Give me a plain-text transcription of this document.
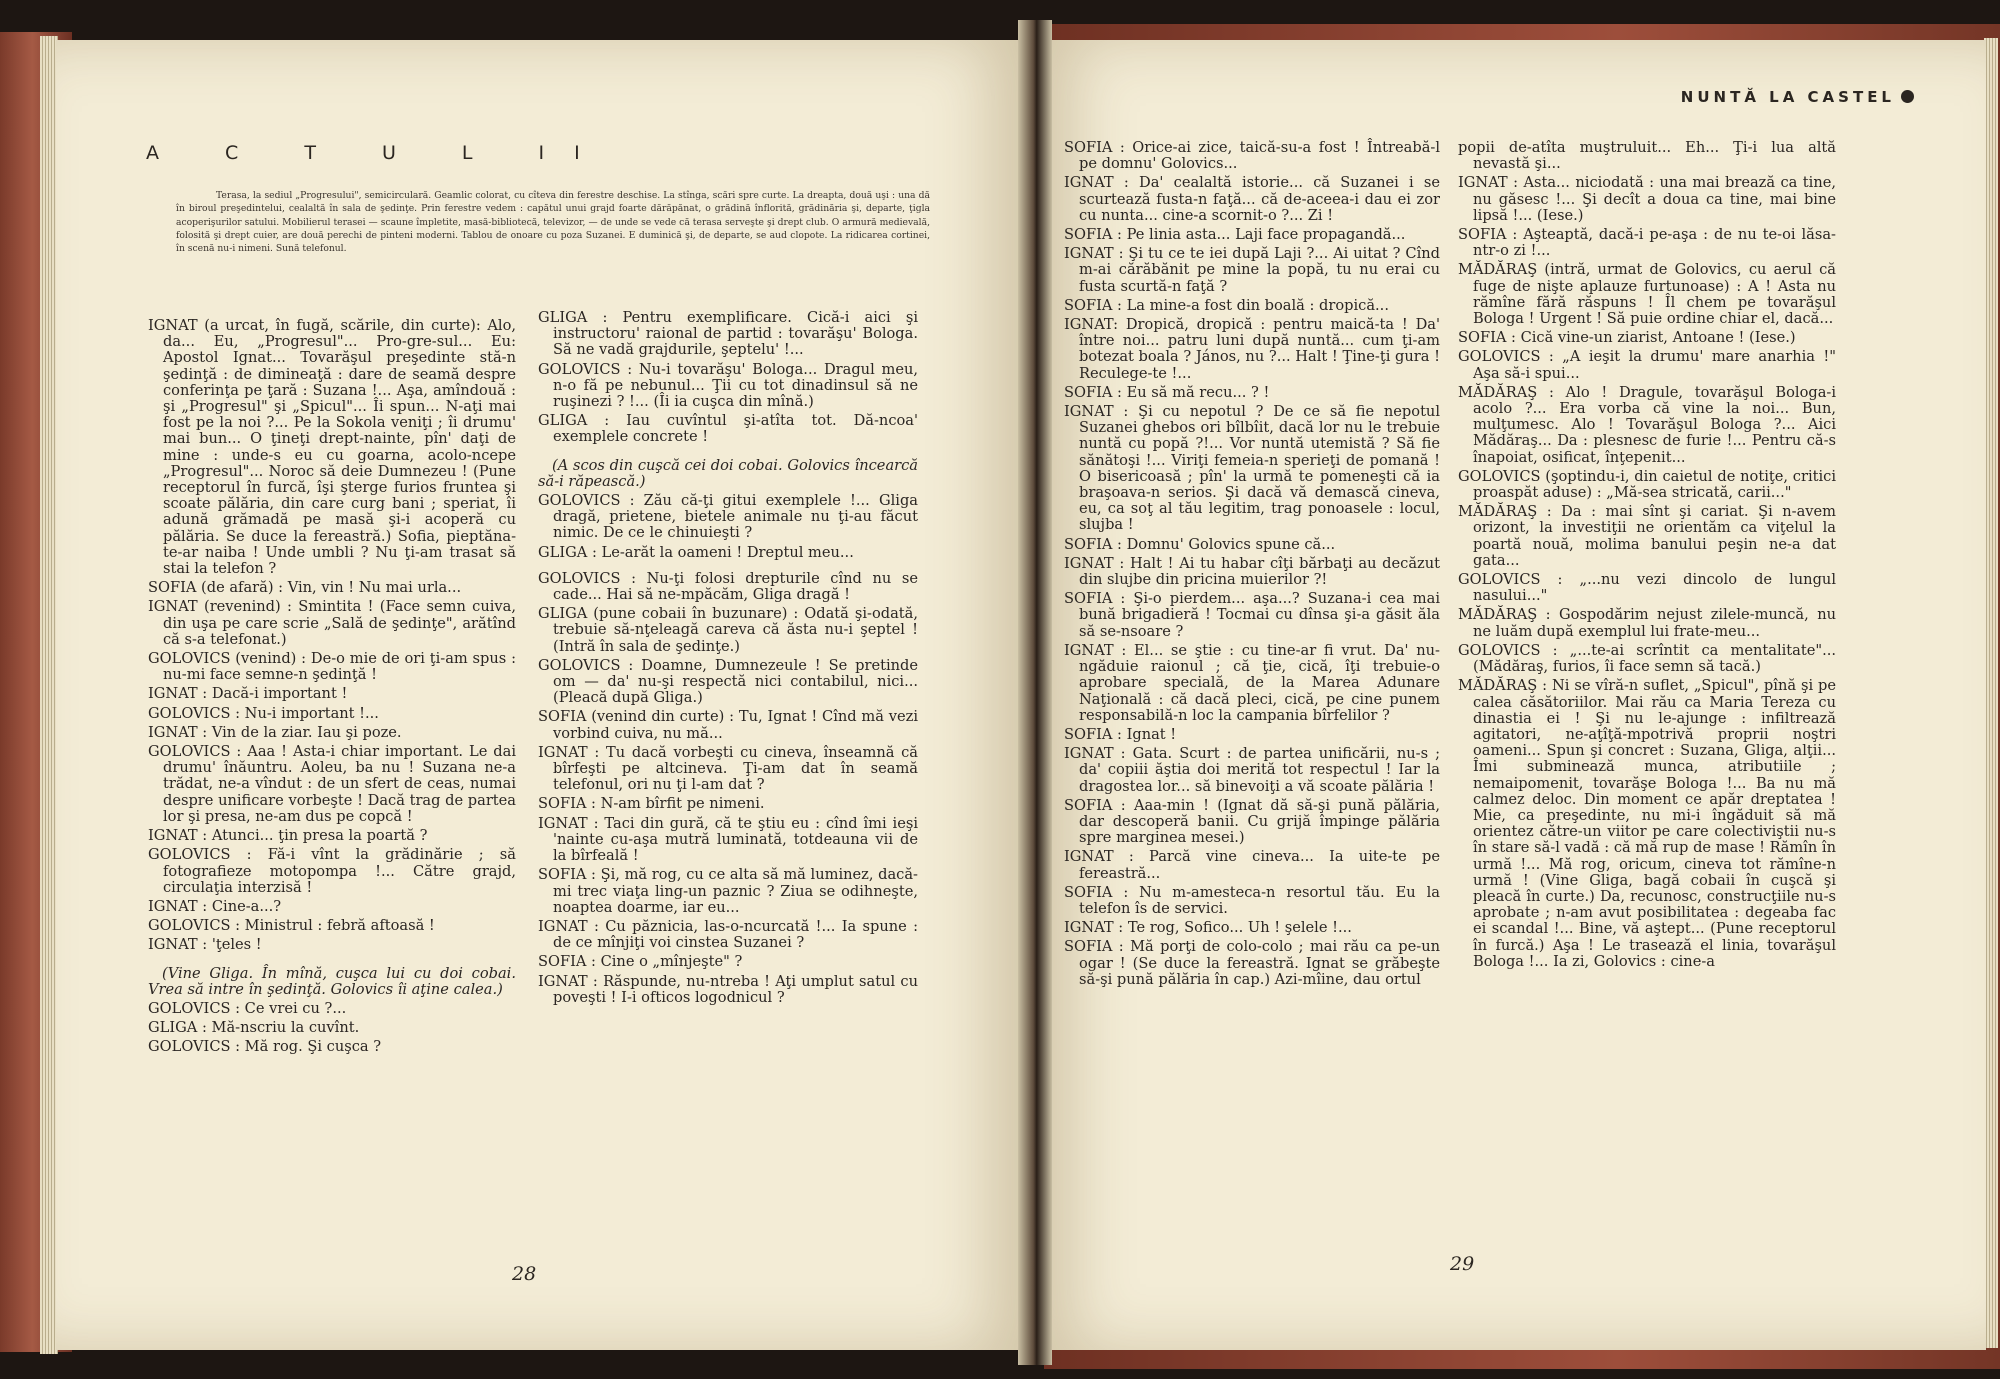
NUNTĂ LA CASTEL
A C T U L II
Terasa, la sediul „Progresului", semicirculară. Geamlic colorat, cu cîteva din ferestre deschise. La stînga, scări spre curte. La dreapta, două uşi : una dă în biroul preşedintelui, cealaltă în sala de şedinţe. Prin ferestre vedem : capătul unui grajd foarte dărăpănat, o grădină înflorită, grădinăria şi, departe, ţigla acoperişurilor satului. Mobilierul terasei — scaune împletite, masă-bibliotecă, televizor, — de unde se vede că terasa serveşte şi drept club. O armură medievală, folosită şi drept cuier, are două perechi de pinteni moderni. Tablou de onoare cu poza Suzanei. E duminică şi, de departe, se aud clopote. La ridicarea cortinei, în scenă nu-i nimeni. Sună telefonul.

IGNAT (a urcat, în fugă, scările, din curte): Alo, da... Eu, „Progresul"... Pro-gre-sul... Eu: Apostol Ignat... Tovarăşul preşedinte stă-n şedinţă : de dimineaţă : dare de seamă despre conferinţa pe ţară : Suzana !... Aşa, amîndouă : şi „Progresul" şi „Spicul"... Îi spun... N-aţi mai fost pe la noi ?... Pe la Sokola veniţi ; îi drumu' mai bun... O ţineţi drept-nainte, pîn' daţi de mine : unde-s eu cu goarna, acolo-ncepe „Progresul"... Noroc să deie Dumnezeu ! (Pune receptorul în furcă, îşi şterge furios fruntea şi scoate pălăria, din care curg bani ; speriat, îi adună grămadă pe masă şi-i acoperă cu pălăria. Se duce la fereastră.) Sofia, pieptăna-te-ar naiba ! Unde umbli ? Nu ţi-am trasat să stai la telefon ?

SOFIA (de afară) : Vin, vin ! Nu mai urla...

IGNAT (revenind) : Smintita ! (Face semn cuiva, din uşa pe care scrie „Sală de şedinţe", arătînd că s-a telefonat.)

GOLOVICS (venind) : De-o mie de ori ţi-am spus : nu-mi face semne-n şedinţă !

IGNAT : Dacă-i important !

GOLOVICS : Nu-i important !...

IGNAT : Vin de la ziar. Iau şi poze.

GOLOVICS : Aaa ! Asta-i chiar important. Le dai drumu' înăuntru. Aoleu, ba nu ! Suzana ne-a trădat, ne-a vîndut : de un sfert de ceas, numai despre unificare vorbeşte ! Dacă trag de partea lor şi presa, ne-am dus pe copcă !

IGNAT : Atunci... ţin presa la poartă ?

GOLOVICS : Fă-i vînt la grădinărie ; să fotografieze motopompa !... Către grajd, circulaţia interzisă !

IGNAT : Cine-a...?

GOLOVICS : Ministrul : febră aftoasă !

IGNAT : 'ţeles !

(Vine Gliga. În mînă, cuşca lui cu doi cobai. Vrea să intre în şedinţă. Golovics îi aţine calea.)

GOLOVICS : Ce vrei cu ?...

GLIGA : Mă-nscriu la cuvînt.

GOLOVICS : Mă rog. Şi cuşca ?

GLIGA : Pentru exemplificare. Cică-i aici şi instructoru' raional de partid : tovarăşu' Bologa. Să ne vadă grajdurile, şeptelu' !...

GOLOVICS : Nu-i tovarăşu' Bologa... Dragul meu, n-o fă pe nebunul... Ţii cu tot dinadinsul să ne ruşinezi ? !... (Îi ia cuşca din mînă.)

GLIGA : Iau cuvîntul şi-atîta tot. Dă-ncoa' exemplele concrete !

(A scos din cuşcă cei doi cobai. Golovics încearcă să-i răpească.)

GOLOVICS : Zău că-ţi gitui exemplele !... Gliga dragă, prietene, bietele animale nu ţi-au făcut nimic. De ce le chinuieşti ?

GLIGA : Le-arăt la oameni ! Dreptul meu...

GOLOVICS : Nu-ţi folosi drepturile cînd nu se cade... Hai să ne-mpăcăm, Gliga dragă !

GLIGA (pune cobaii în buzunare) : Odată şi-odată, trebuie să-nţeleagă careva că ăsta nu-i şeptel ! (Intră în sala de şedinţe.)

GOLOVICS : Doamne, Dumnezeule ! Se pretinde om — da' nu-şi respectă nici contabilul, nici... (Pleacă după Gliga.)

SOFIA (venind din curte) : Tu, Ignat ! Cînd mă vezi vorbind cuiva, nu mă...

IGNAT : Tu dacă vorbeşti cu cineva, înseamnă că bîrfeşti pe altcineva. Ţi-am dat în seamă telefonul, ori nu ţi l-am dat ?

SOFIA : N-am bîrfit pe nimeni.

IGNAT : Taci din gură, că te ştiu eu : cînd îmi ieşi 'nainte cu-aşa mutră luminată, totdeauna vii de la bîrfeală !

SOFIA : Şi, mă rog, cu ce alta să mă luminez, dacă-mi trec viaţa ling-un paznic ? Ziua se odihneşte, noaptea doarme, iar eu...

IGNAT : Cu păznicia, las-o-ncurcată !... Ia spune : de ce mînjiţi voi cinstea Suzanei ?

SOFIA : Cine o „mînjeşte" ?

IGNAT : Răspunde, nu-ntreba ! Aţi umplut satul cu poveşti ! I-i ofticos logodnicul ?

SOFIA : Orice-ai zice, taică-su-a fost ! Întreabă-l pe domnu' Golovics...

IGNAT : Da' cealaltă istorie... că Suzanei i se scurtează fusta-n faţă... că de-aceea-i dau ei zor cu nunta... cine-a scornit-o ?... Zi !

SOFIA : Pe linia asta... Laji face propagandă...

IGNAT : Şi tu ce te iei după Laji ?... Ai uitat ? Cînd m-ai cărăbănit pe mine la popă, tu nu erai cu fusta scurtă-n faţă ?

SOFIA : La mine-a fost din boală : dropică...

IGNAT: Dropică, dropică : pentru maică-ta ! Da' între noi... patru luni după nuntă... cum ţi-am botezat boala ? János, nu ?... Halt ! Ţine-ţi gura ! Reculege-te !...

SOFIA : Eu să mă recu... ? !

IGNAT : Şi cu nepotul ? De ce să fie nepotul Suzanei ghebos ori bîlbîit, dacă lor nu le trebuie nuntă cu popă ?!... Vor nuntă utemistă ? Să fie sănătoşi !... Viriţi femeia-n sperieţi de pomană ! O bisericoasă ; pîn' la urmă te pomeneşti că ia braşoava-n serios. Şi dacă vă demască cineva, eu, ca soţ al tău legitim, trag ponoasele : locul, slujba !

SOFIA : Domnu' Golovics spune că...

IGNAT : Halt ! Ai tu habar cîţi bărbaţi au decăzut din slujbe din pricina muierilor ?!

SOFIA : Şi-o pierdem... aşa...? Suzana-i cea mai bună brigadieră ! Tocmai cu dînsa şi-a găsit ăla să se-nsoare ?

IGNAT : El... se ştie : cu tine-ar fi vrut. Da' nu-ngăduie raionul ; că ţie, cică, îţi trebuie-o aprobare specială, de la Marea Adunare Naţională : că dacă pleci, cică, pe cine punem responsabilă-n loc la campania bîrfelilor ?

SOFIA : Ignat !

IGNAT : Gata. Scurt : de partea unificării, nu-s ; da' copiii ăştia doi merită tot respectul ! Iar la dragostea lor... să binevoiţi a vă scoate pălăria !

SOFIA : Aaa-min ! (Ignat dă să-şi pună pălăria, dar descoperă banii. Cu grijă împinge pălăria spre marginea mesei.)

IGNAT : Parcă vine cineva... Ia uite-te pe fereastră...

SOFIA : Nu m-amesteca-n resortul tău. Eu la telefon îs de servici.

IGNAT : Te rog, Sofico... Uh ! şelele !...

SOFIA : Mă porţi de colo-colo ; mai rău ca pe-un ogar ! (Se duce la fereastră. Ignat se grăbeşte să-şi pună pălăria în cap.) Azi-mîine, dau ortul

popii de-atîta muştruluit... Eh... Ţi-i lua altă nevastă şi...

IGNAT : Asta... niciodată : una mai brează ca tine, nu găsesc !... Şi decît a doua ca tine, mai bine lipsă !... (Iese.)

SOFIA : Aşteaptă, dacă-i pe-aşa : de nu te-oi lăsa-ntr-o zi !...

MĂDĂRAŞ (intră, urmat de Golovics, cu aerul că fuge de nişte aplauze furtunoase) : A ! Asta nu rămîne fără răspuns ! Îl chem pe tovarăşul Bologa ! Urgent ! Să puie ordine chiar el, dacă...

SOFIA : Cică vine-un ziarist, Antoane ! (Iese.)

GOLOVICS : „A ieşit la drumu' mare anarhia !" Aşa să-i spui...

MĂDĂRAŞ : Alo ! Dragule, tovarăşul Bologa-i acolo ?... Era vorba că vine la noi... Bun, mulţumesc. Alo ! Tovarăşul Bologa ?... Aici Mădăraş... Da : plesnesc de furie !... Pentru că-s înapoiat, osificat, înţepenit...

GOLOVICS (şoptindu-i, din caietul de notiţe, critici proaspăt aduse) : „Mă-sea stricată, carii..."

MĂDĂRAŞ : Da : mai sînt şi cariat. Şi n-avem orizont, la investiţii ne orientăm ca viţelul la poartă nouă, molima banului peşin ne-a dat gata...

GOLOVICS : „...nu vezi dincolo de lungul nasului..."

MĂDĂRAŞ : Gospodărim nejust zilele-muncă, nu ne luăm după exemplul lui frate-meu...

GOLOVICS : „...te-ai scrîntit ca mentalitate"... (Mădăraş, furios, îi face semn să tacă.)

MĂDĂRAŞ : Ni se vîră-n suflet, „Spicul", pînă şi pe calea căsătoriilor. Mai rău ca Maria Tereza cu dinastia ei ! Şi nu le-ajunge : infiltrează agitatori, ne-aţîţă-mpotrivă proprii noştri oameni... Spun şi concret : Suzana, Gliga, alţii... Îmi subminează munca, atributiile ; nemaipomenit, tovarăşe Bologa !... Ba nu mă calmez deloc. Din moment ce apăr dreptatea ! Mie, ca preşedinte, nu mi-i îngăduit să mă orientez către-un viitor pe care colectiviştii nu-s în stare să-l vadă : că mă rup de mase ! Rămîn în urmă !... Mă rog, oricum, cineva tot rămîne-n urmă ! (Vine Gliga, bagă cobaii în cuşcă şi pleacă în curte.) Da, recunosc, construcţiile nu-s aprobate ; n-am avut posibilitatea : degeaba fac ei scandal !... Bine, vă aştept... (Pune receptorul în furcă.) Aşa ! Le trasează el linia, tovarăşul Bologa !... Ia zi, Golovics : cine-a

28	29
